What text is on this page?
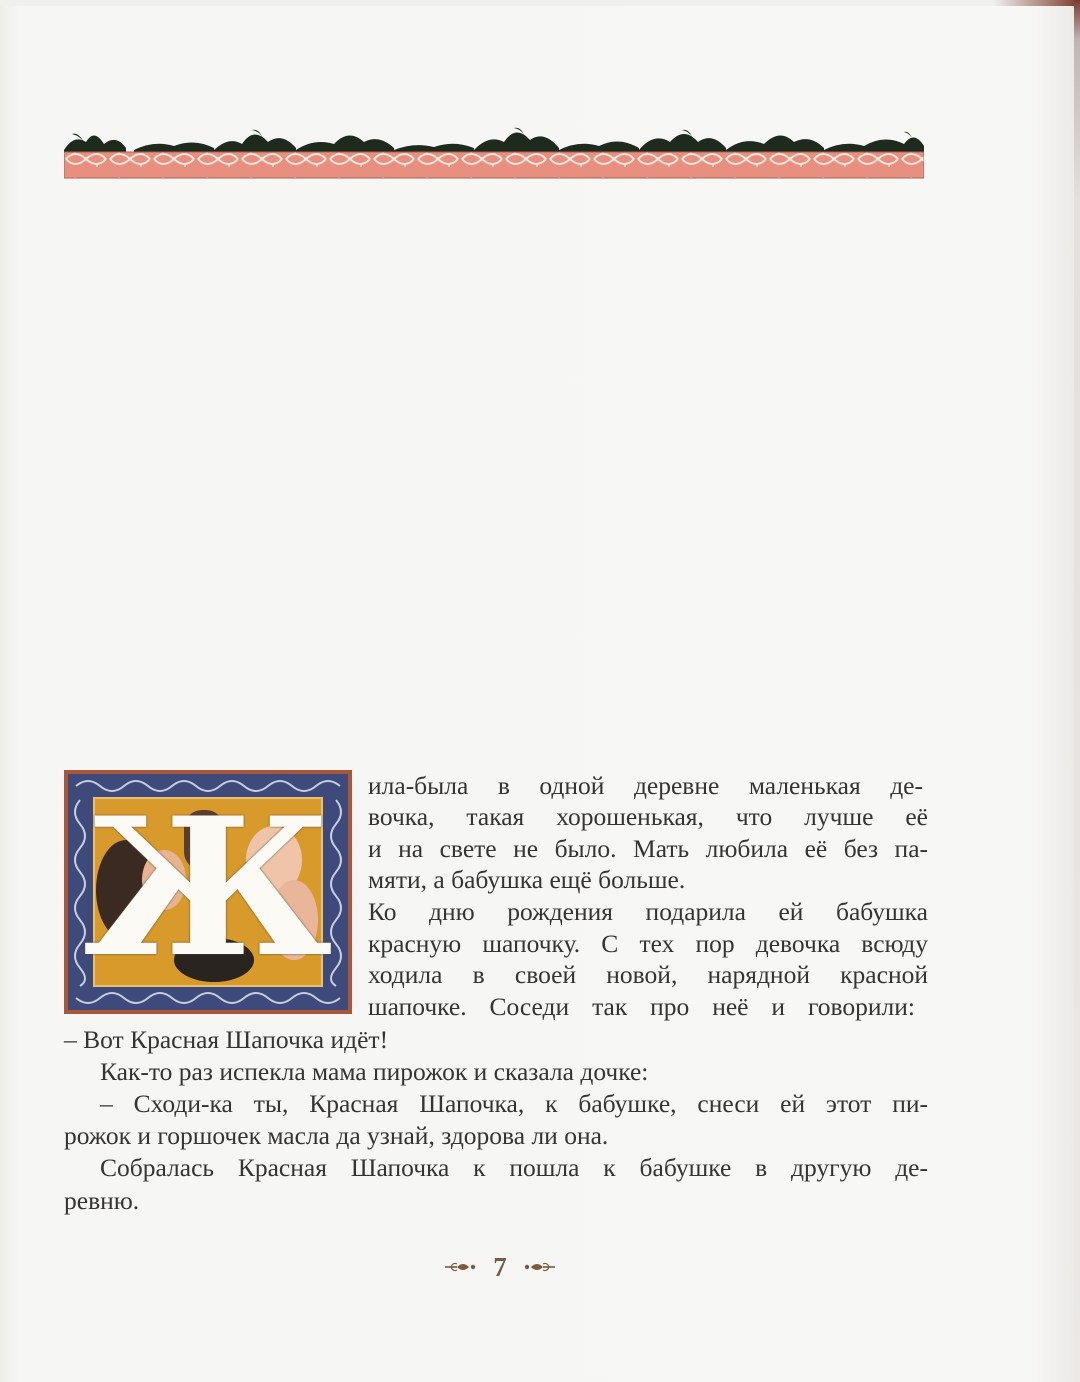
Ж	ила-была в одной деревне маленькая де-
вочка, такая хорошенькая, что лучше её
и на свете не было. Мать любила её без па-
мяти, а бабушка ещё больше.
Ко дню рождения подарила ей бабушка
красную шапочку. С тех пор девочка всюду
ходила в своей новой, нарядной красной
шапочке. Соседи так про неё и говорили:
– Вот Красная Шапочка идёт!
Как-то раз испекла мама пирожок и сказала дочке:
– Сходи-ка ты, Красная Шапочка, к бабушке, снеси ей этот пи-
рожок и горшочек масла да узнай, здорова ли она.
Собралась Красная Шапочка к пошла к бабушке в другую де-
ревню.
7
